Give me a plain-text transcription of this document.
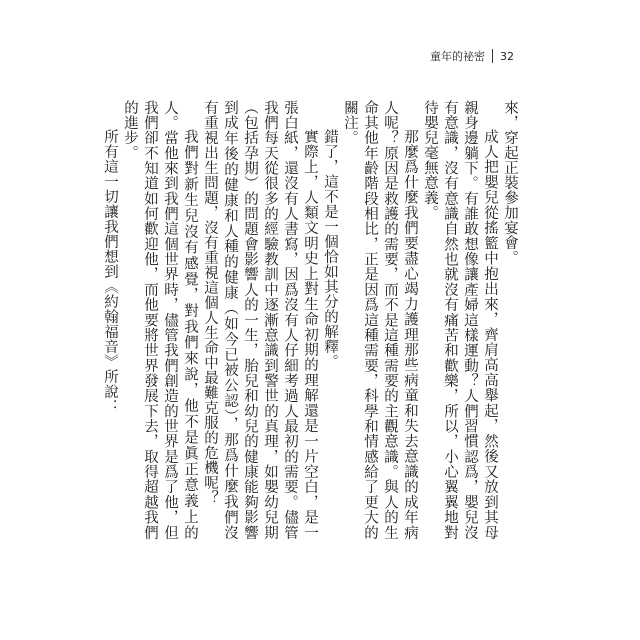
童年的祕密 32

來，穿起正裝參加宴會。

成人把嬰兒從搖籃中抱出來，齊肩高高舉起，然後又放到其母親身邊躺下。有誰敢想像讓產婦這樣運動？人們習慣認爲，嬰兒沒有意識，沒有意識自然也就沒有痛苦和歡樂，所以，小心翼翼地對待嬰兒毫無意義。

那麼爲什麼我們要盡心竭力護理那些病童和失去意識的成年病人呢？原因是救護的需要，而不是這種需要的主觀意識。與人的生命其他年齡階段相比，正是因爲這種需要，科學和情感給了更大的關注。

錯了，這不是一個恰如其分的解釋。

實際上，人類文明史上對生命初期的理解還是一片空白，是一張白紙，還沒有人書寫，因爲沒有人仔細考過人最初的需要。儘管我們每天從很多的經驗教訓中逐漸意識到警世的真理，如嬰幼兒期（包括孕期）的問題會影響人的一生，胎兒和幼兒的健康能夠影響到成年後的健康和人種的健康（如今已被公認），那爲什麼我們沒有重視出生問題，沒有重視這個人生命中最難克服的危機呢？

我們對新生兒沒有感覺，對我們來說，他不是眞正意義上的人。當他來到我們這個世界時，儘管我們創造的世界是爲了他，但我們卻不知道如何歡迎他，而他要將世界發展下去，取得超越我們的進步。

所有這一切讓我們想到《約翰福音》所說：
